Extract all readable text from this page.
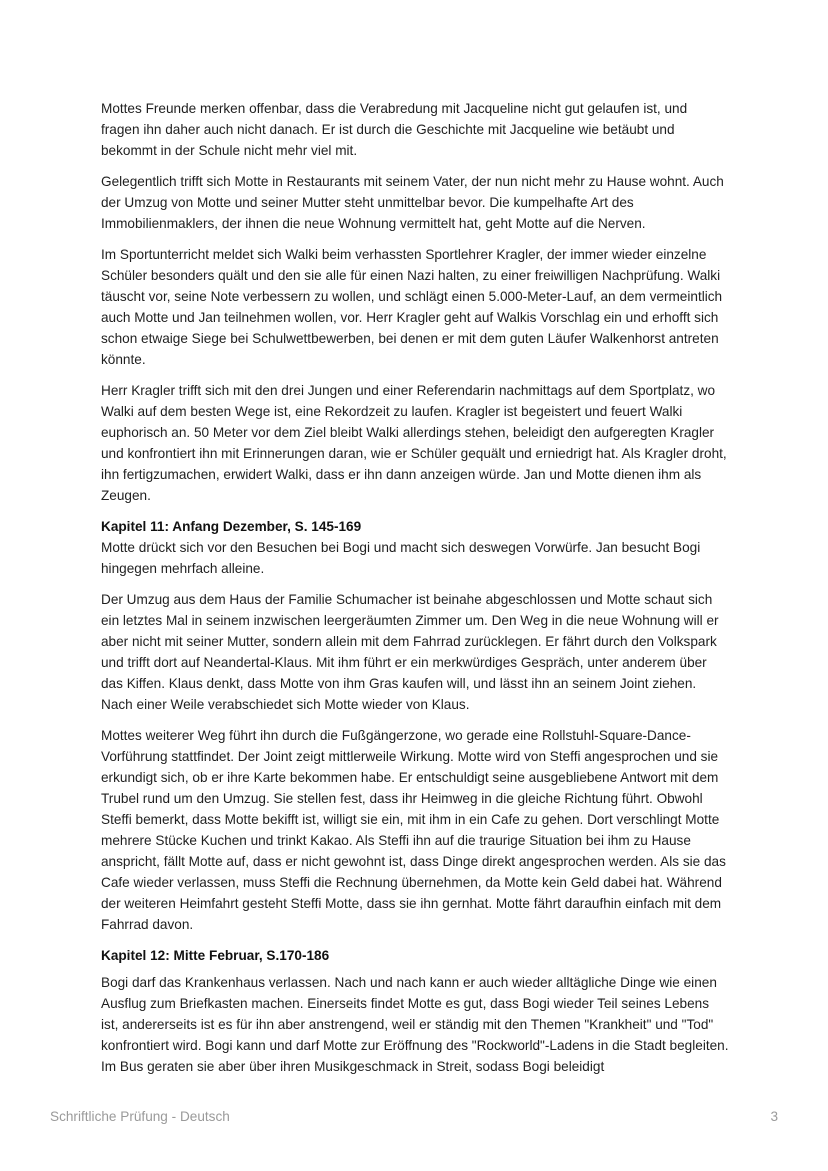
Mottes Freunde merken offenbar, dass die Verabredung mit Jacqueline nicht gut gelaufen ist, und fragen ihn daher auch nicht danach. Er ist durch die Geschichte mit Jacqueline wie betäubt und bekommt in der Schule nicht mehr viel mit.

Gelegentlich trifft sich Motte in Restaurants mit seinem Vater, der nun nicht mehr zu Hause wohnt. Auch der Umzug von Motte und seiner Mutter steht unmittelbar bevor. Die kumpelhafte Art des Immobilienmaklers, der ihnen die neue Wohnung vermittelt hat, geht Motte auf die Nerven.

Im Sportunterricht meldet sich Walki beim verhassten Sportlehrer Kragler, der immer wieder einzelne Schüler besonders quält und den sie alle für einen Nazi halten, zu einer freiwilligen Nachprüfung. Walki täuscht vor, seine Note verbessern zu wollen, und schlägt einen 5.000-Meter-Lauf, an dem vermeintlich auch Motte und Jan teilnehmen wollen, vor. Herr Kragler geht auf Walkis Vorschlag ein und erhofft sich schon etwaige Siege bei Schulwettbewerben, bei denen er mit dem guten Läufer Walkenhorst antreten könnte.

Herr Kragler trifft sich mit den drei Jungen und einer Referendarin nachmittags auf dem Sportplatz, wo Walki auf dem besten Wege ist, eine Rekordzeit zu laufen. Kragler ist begeistert und feuert Walki euphorisch an. 50 Meter vor dem Ziel bleibt Walki allerdings stehen, beleidigt den aufgeregten Kragler und konfrontiert ihn mit Erinnerungen daran, wie er Schüler gequält und erniedrigt hat. Als Kragler droht, ihn fertigzumachen, erwidert Walki, dass er ihn dann anzeigen würde. Jan und Motte dienen ihm als Zeugen.

Kapitel 11: Anfang Dezember, S. 145-169

Motte drückt sich vor den Besuchen bei Bogi und macht sich deswegen Vorwürfe. Jan besucht Bogi hingegen mehrfach alleine.

Der Umzug aus dem Haus der Familie Schumacher ist beinahe abgeschlossen und Motte schaut sich ein letztes Mal in seinem inzwischen leergeräumten Zimmer um. Den Weg in die neue Wohnung will er aber nicht mit seiner Mutter, sondern allein mit dem Fahrrad zurücklegen. Er fährt durch den Volkspark und trifft dort auf Neandertal-Klaus. Mit ihm führt er ein merkwürdiges Gespräch, unter anderem über das Kiffen. Klaus denkt, dass Motte von ihm Gras kaufen will, und lässt ihn an seinem Joint ziehen. Nach einer Weile verabschiedet sich Motte wieder von Klaus.

Mottes weiterer Weg führt ihn durch die Fußgängerzone, wo gerade eine Rollstuhl-Square-Dance-Vorführung stattfindet. Der Joint zeigt mittlerweile Wirkung. Motte wird von Steffi angesprochen und sie erkundigt sich, ob er ihre Karte bekommen habe. Er entschuldigt seine ausgebliebene Antwort mit dem Trubel rund um den Umzug. Sie stellen fest, dass ihr Heimweg in die gleiche Richtung führt. Obwohl Steffi bemerkt, dass Motte bekifft ist, willigt sie ein, mit ihm in ein Cafe zu gehen. Dort verschlingt Motte mehrere Stücke Kuchen und trinkt Kakao. Als Steffi ihn auf die traurige Situation bei ihm zu Hause anspricht, fällt Motte auf, dass er nicht gewohnt ist, dass Dinge direkt angesprochen werden. Als sie das Cafe wieder verlassen, muss Steffi die Rechnung übernehmen, da Motte kein Geld dabei hat. Während der weiteren Heimfahrt gesteht Steffi Motte, dass sie ihn gernhat. Motte fährt daraufhin einfach mit dem Fahrrad davon.

Kapitel 12: Mitte Februar, S.170-186

Bogi darf das Krankenhaus verlassen. Nach und nach kann er auch wieder alltägliche Dinge wie einen Ausflug zum Briefkasten machen. Einerseits findet Motte es gut, dass Bogi wieder Teil seines Lebens ist, andererseits ist es für ihn aber anstrengend, weil er ständig mit den Themen "Krankheit" und "Tod" konfrontiert wird. Bogi kann und darf Motte zur Eröffnung des "Rockworld"-Ladens in die Stadt begleiten. Im Bus geraten sie aber über ihren Musikgeschmack in Streit, sodass Bogi beleidigt

Schriftliche Prüfung - Deutsch	3
